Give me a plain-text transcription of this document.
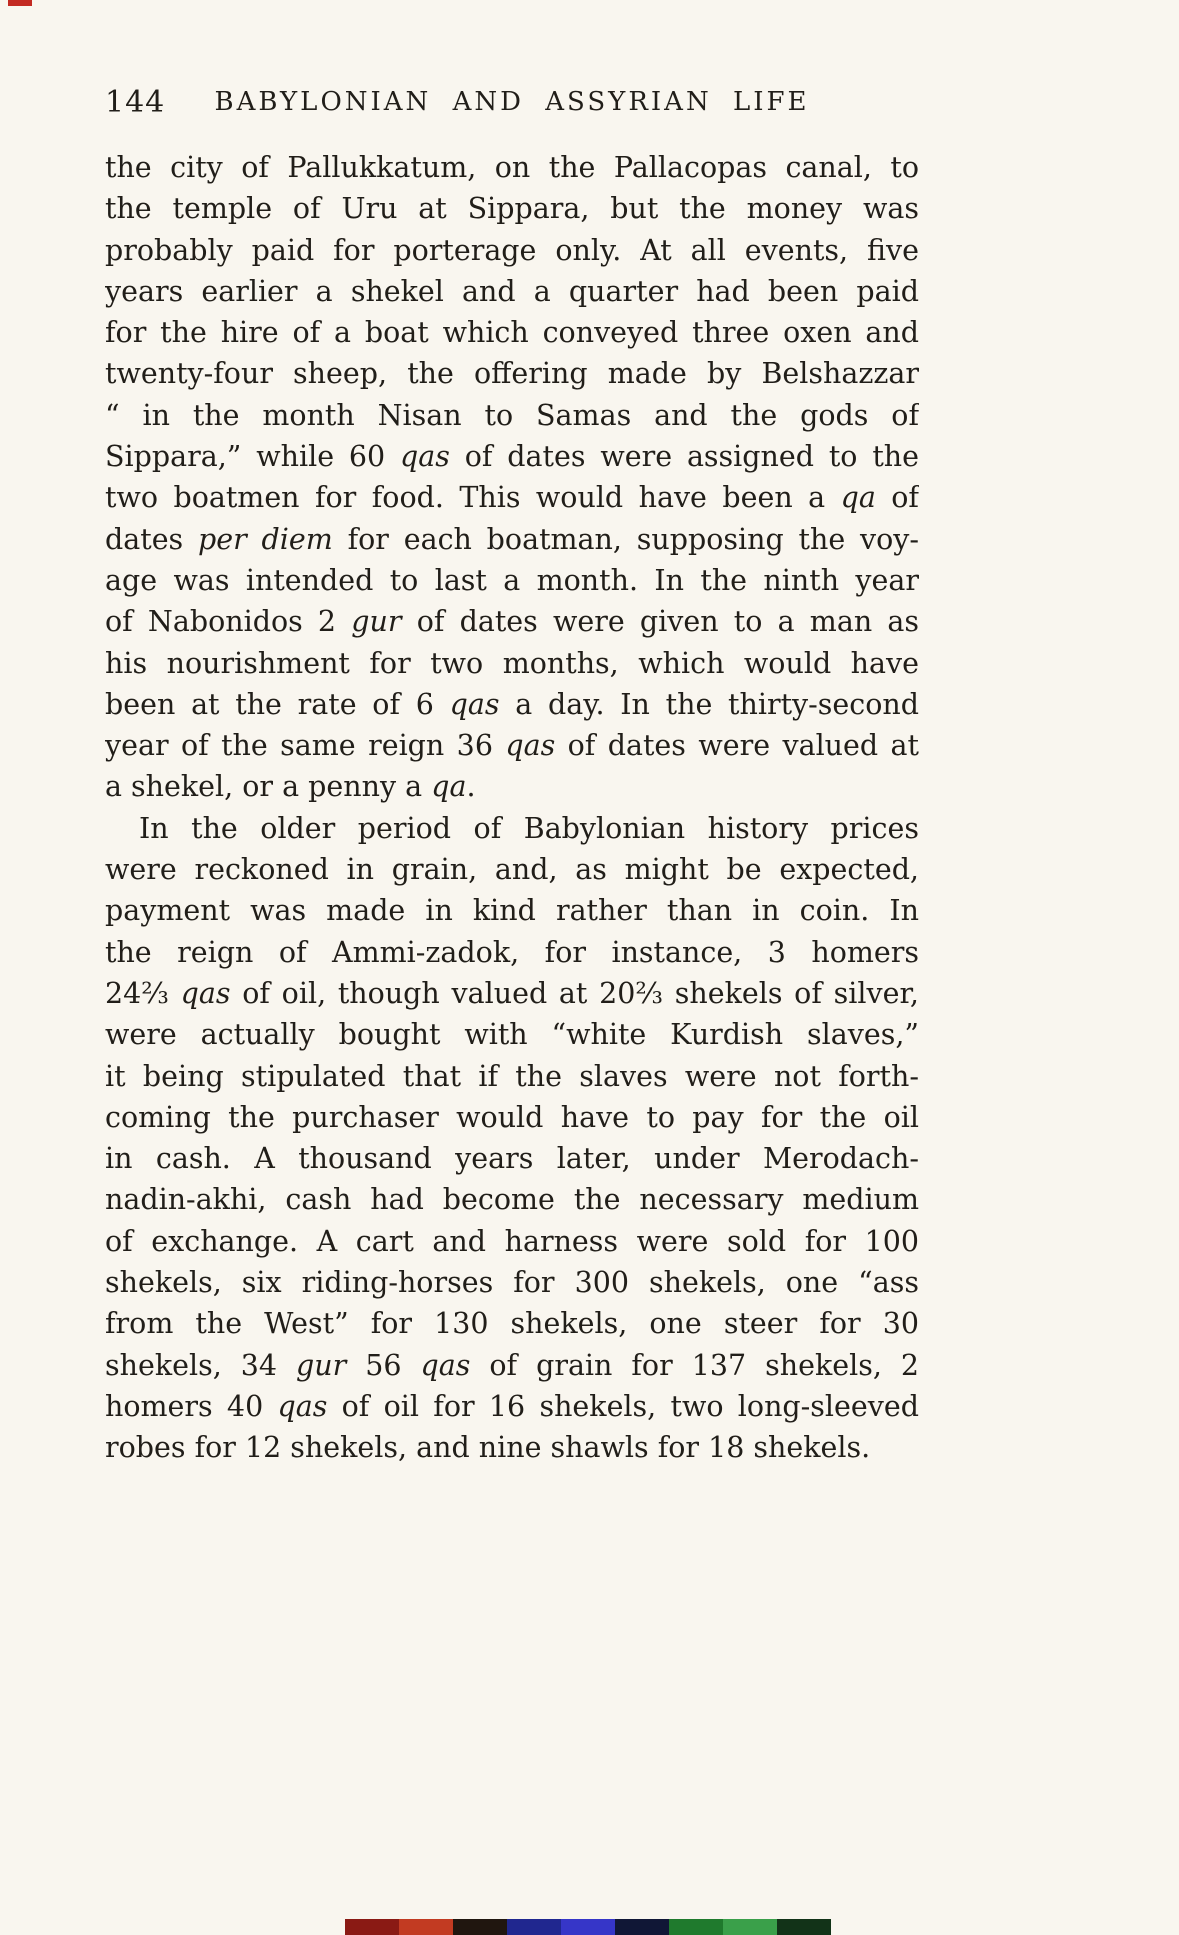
144	BABYLONIAN AND ASSYRIAN LIFE
the city of Pallukkatum, on the Pallacopas canal, to
the temple of Uru at Sippara, but the money was
probably paid for porterage only. At all events, five
years earlier a shekel and a quarter had been paid
for the hire of a boat which conveyed three oxen and
twenty-four sheep, the offering made by Belshazzar
“ in the month Nisan to Samas and the gods of
Sippara,” while 60 qas of dates were assigned to the
two boatmen for food. This would have been a qa of
dates per diem for each boatman, supposing the voy-
age was intended to last a month. In the ninth year
of Nabonidos 2 gur of dates were given to a man as
his nourishment for two months, which would have
been at the rate of 6 qas a day. In the thirty-second
year of the same reign 36 qas of dates were valued at
a shekel, or a penny a qa.
In the older period of Babylonian history prices
were reckoned in grain, and, as might be expected,
payment was made in kind rather than in coin. In
the reign of Ammi-zadok, for instance, 3 homers
24⅔ qas of oil, though valued at 20⅔ shekels of silver,
were actually bought with “white Kurdish slaves,”
it being stipulated that if the slaves were not forth-
coming the purchaser would have to pay for the oil
in cash. A thousand years later, under Merodach-
nadin-akhi, cash had become the necessary medium
of exchange. A cart and harness were sold for 100
shekels, six riding-horses for 300 shekels, one “ass
from the West” for 130 shekels, one steer for 30
shekels, 34 gur 56 qas of grain for 137 shekels, 2
homers 40 qas of oil for 16 shekels, two long-sleeved
robes for 12 shekels, and nine shawls for 18 shekels.
